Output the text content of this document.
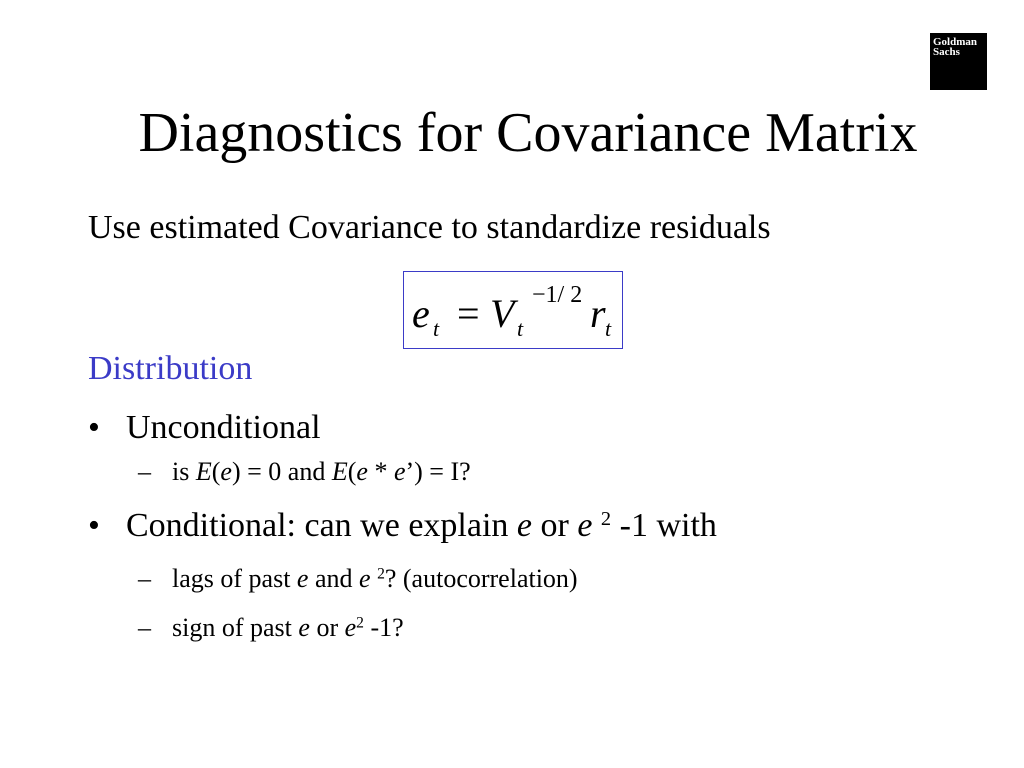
Goldman
Sachs
Diagnostics for Covariance Matrix
Use estimated Covariance to standardize residuals
e t = V t
−1/ 2 r t
Distribution
• Unconditional
– is E(e) = 0 and E(e * e’) = I?
• Conditional: can we explain e or e $^2$ -1 with
– lags of past e and e $^2$? (autocorrelation)
– sign of past e or $e^2$ -1?
